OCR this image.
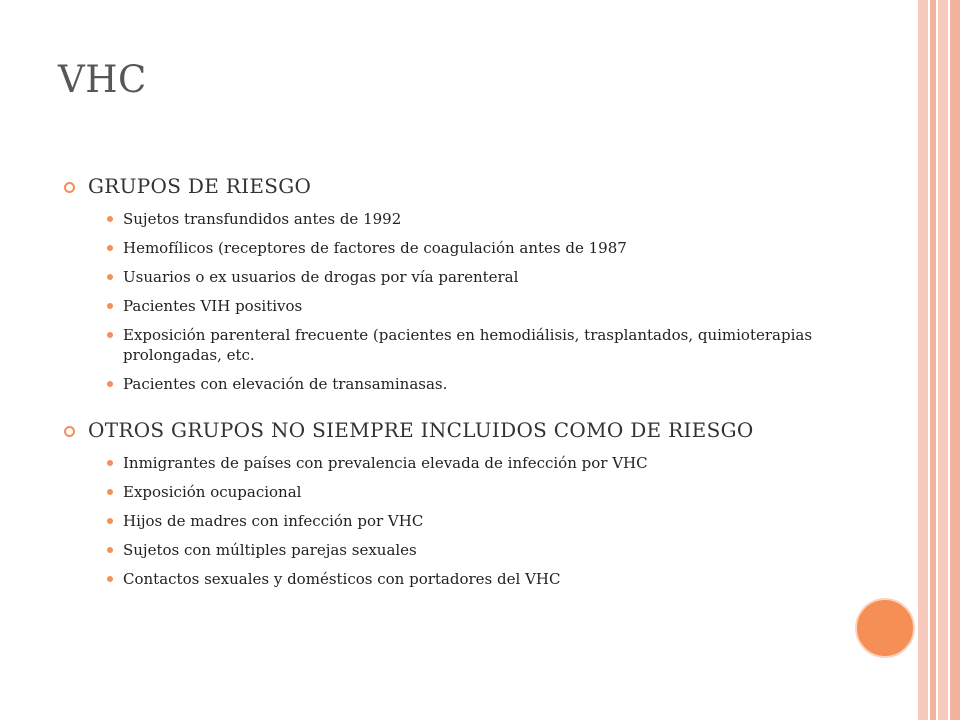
VHC
GRUPOS DE RIESGO
Sujetos transfundidos antes de 1992
Hemofílicos (receptores de factores de coagulación antes de 1987
Usuarios o ex usuarios de drogas por vía parenteral
Pacientes VIH positivos
Exposición parenteral frecuente (pacientes en hemodiálisis, trasplantados, quimioterapias prolongadas, etc.
Pacientes con elevación de transaminasas.
OTROS GRUPOS NO SIEMPRE INCLUIDOS COMO DE RIESGO
Inmigrantes de países con prevalencia elevada de infección por VHC
Exposición ocupacional
Hijos de madres con infección por VHC
Sujetos con múltiples parejas sexuales
Contactos sexuales y domésticos con portadores del VHC
